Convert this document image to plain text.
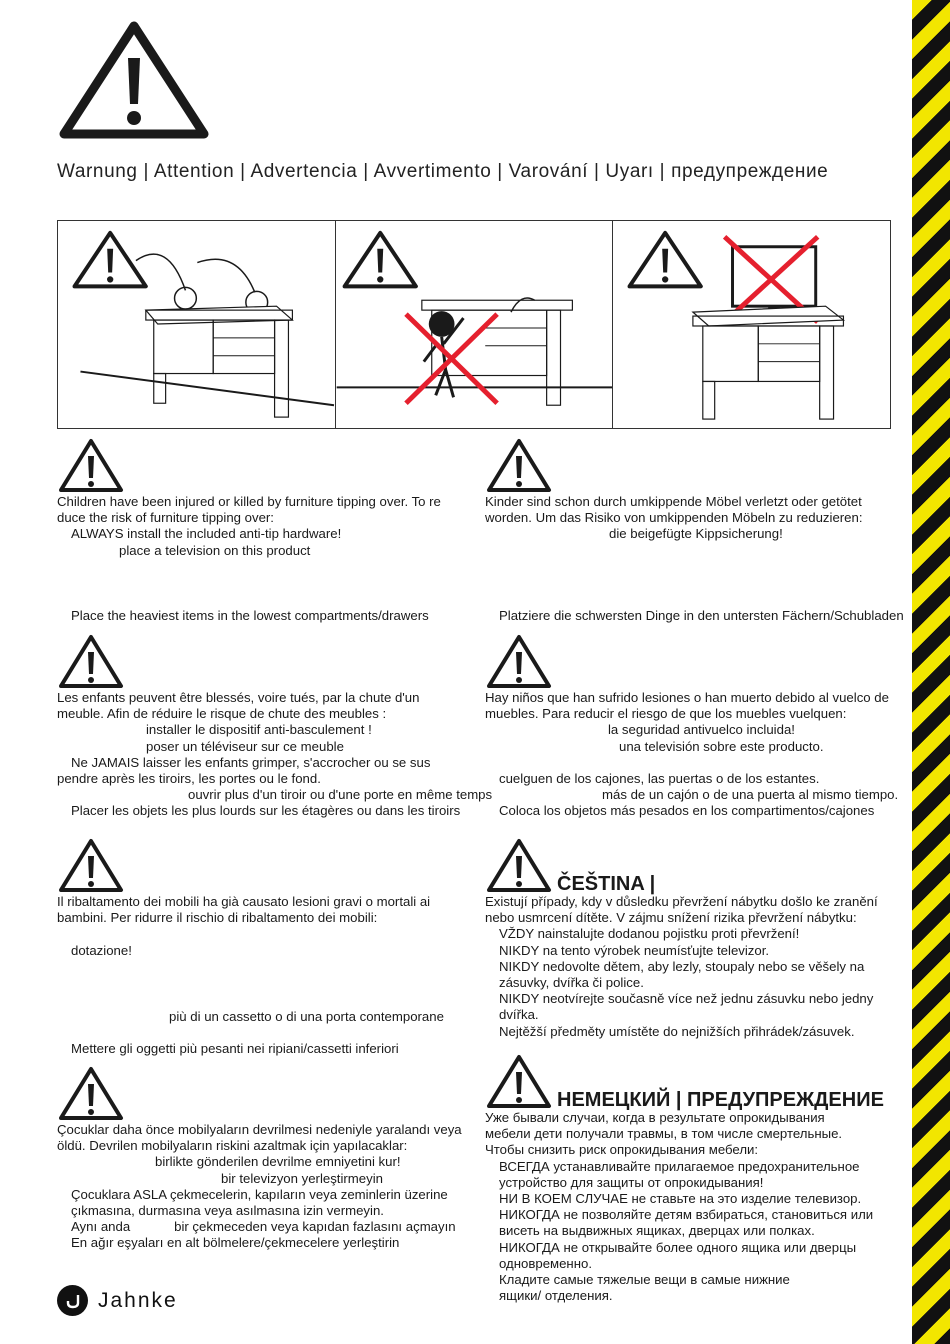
Warnung | Attention | Advertencia | Avvertimento | Varování | Uyarı | предупреждение
Children have been injured or killed by furniture tipping over. To re
duce the risk of furniture tipping over:
ALWAYS install the included anti-tip hardware!
place a television on this product
Place the heaviest items in the lowest compartments/drawers
Kinder sind schon durch umkippende Möbel verletzt oder getötet
worden. Um das Risiko von umkippenden Möbeln zu reduzieren:
die beigefügte Kippsicherung!
Platziere die schwersten Dinge in den untersten Fächern/Schubladen
Les enfants peuvent être blessés, voire tués, par la chute d'un
meuble. Afin de réduire le risque de chute des meubles :
installer le dispositif anti-basculement !
poser un téléviseur sur ce meuble
Ne JAMAIS laisser les enfants grimper, s'accrocher ou se sus
pendre après les tiroirs, les portes ou le fond.
ouvrir plus d'un tiroir ou d'une porte en même temps
Placer les objets les plus lourds sur les étagères ou dans les tiroirs
Hay niños que han sufrido lesiones o han muerto debido al vuelco de
muebles. Para reducir el riesgo de que los muebles vuelquen:
la seguridad antivuelco incluida!
una televisión sobre este producto.
cuelguen de los cajones, las puertas o de los estantes.
más de un cajón o de una puerta al mismo tiempo.
Coloca los objetos más pesados en los compartimentos/cajones
Il ribaltamento dei mobili ha già causato lesioni gravi o mortali ai
bambini. Per ridurre il rischio di ribaltamento dei mobili:
dotazione!
più di un cassetto o di una porta contemporane
Mettere gli oggetti più pesanti nei ripiani/cassetti inferiori
ČEŠTINA |
Existují případy, kdy v důsledku převržení nábytku došlo ke zranění
nebo usmrcení dítěte. V zájmu snížení rizika převržení nábytku:
VŽDY nainstalujte dodanou pojistku proti převržení!
NIKDY na tento výrobek neumísťujte televizor.
NIKDY nedovolte dětem, aby lezly, stoupaly nebo se věšely na
zásuvky, dvířka či police.
NIKDY neotvírejte současně více než jednu zásuvku nebo jedny
dvířka.
Nejtěžší předměty umístěte do nejnižších přihrádek/zásuvek.
Çocuklar daha önce mobilyaların devrilmesi nedeniyle yaralandı veya
öldü. Devrilen mobilyaların riskini azaltmak için yapılacaklar:
birlikte gönderilen devrilme emniyetini kur!
bir televizyon yerleştirmeyin
Çocuklara ASLA çekmecelerin, kapıların veya zeminlerin üzerine
çıkmasına, durmasına veya asılmasına izin vermeyin.
Aynı anda            bir çekmeceden veya kapıdan fazlasını açmayın
En ağır eşyaları en alt bölmelere/çekmecelere yerleştirin
НЕМЕЦКИЙ | ПРЕДУПРЕЖДЕНИЕ
Уже бывали случаи, когда в результате опрокидывания
мебели дети получали травмы, в том числе смертельные.
Чтобы снизить риск опрокидывания мебели:
ВСЕГДА устанавливайте прилагаемое предохранительное
устройство для защиты от опрокидывания!
НИ В КОЕМ СЛУЧАЕ не ставьте на это изделие телевизор.
НИКОГДА не позволяйте детям взбираться, становиться или
висеть на выдвижных ящиках, дверцах или полках.
НИКОГДА не открывайте более одного ящика или дверцы
одновременно.
Кладите самые тяжелые вещи в самые нижние
ящики/ отделения.
Jahnke
